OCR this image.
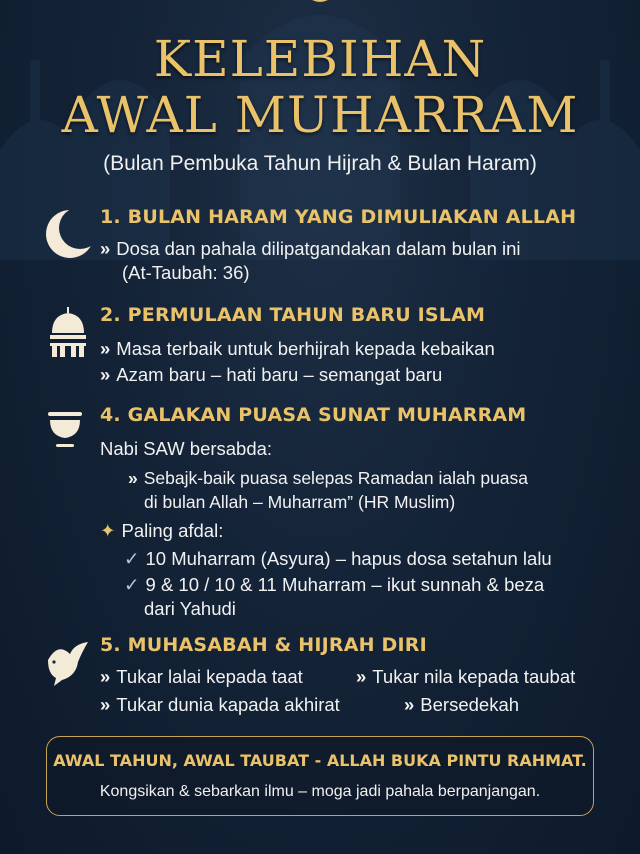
KELEBIHAN
AWAL MUHARRAM
(Bulan Pembuka Tahun Hijrah & Bulan Haram)
1. BULAN HARAM YANG DIMULIAKAN ALLAH
» Dosa dan pahala dilipatgandakan dalam bulan ini
(At-Taubah: 36)
2. PERMULAAN TAHUN BARU ISLAM
» Masa terbaik untuk berhijrah kepada kebaikan
» Azam baru – hati baru – semangat baru
4. GALAKAN PUASA SUNAT MUHARRAM
Nabi SAW bersabda:
» Sebajk-baik puasa selepas Ramadan ialah puasa
di bulan Allah – Muharram” (HR Muslim)
✦ Paling afdal:
✓ 10 Muharram (Asyura) – hapus dosa setahun lalu
✓ 9 & 10 / 10 & 11 Muharram – ikut sunnah & beza
dari Yahudi
5. MUHASABAH & HIJRAH DIRI
» Tukar lalai kepada taat	» Tukar nila kepada taubat
» Tukar dunia kapada akhirat	» Bersedekah
AWAL TAHUN, AWAL TAUBAT - ALLAH BUKA PINTU RAHMAT.
Kongsikan & sebarkan ilmu – moga jadi pahala berpanjangan.
